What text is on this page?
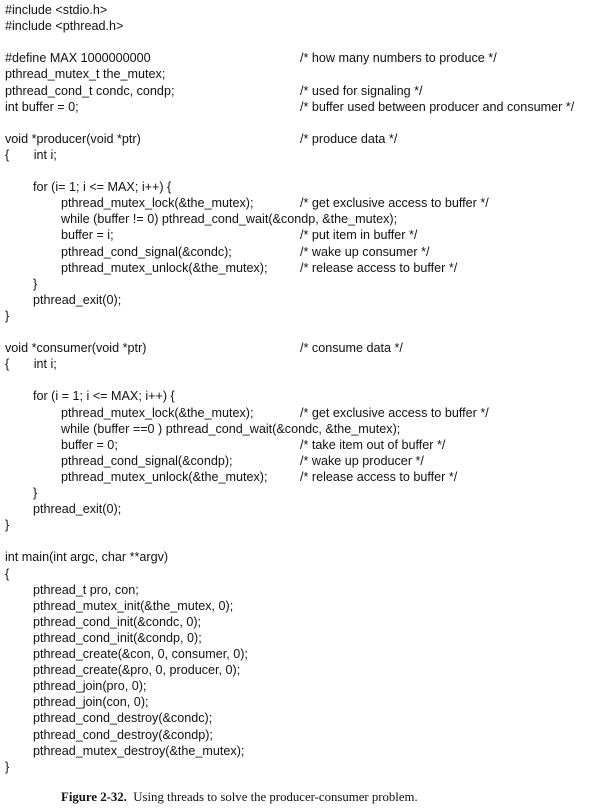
#include <stdio.h>
#include <pthread.h>
#define MAX 1000000000	/* how many numbers to produce */
pthread_mutex_t the_mutex;
pthread_cond_t condc, condp;	/* used for signaling */
int buffer = 0;	/* buffer used between producer and consumer */
void *producer(void *ptr)	/* produce data */
{       int i;
for (i= 1; i <= MAX; i++) {
pthread_mutex_lock(&the_mutex);	/* get exclusive access to buffer */
while (buffer != 0) pthread_cond_wait(&condp, &the_mutex);
buffer = i;	/* put item in buffer */
pthread_cond_signal(&condc);	/* wake up consumer */
pthread_mutex_unlock(&the_mutex);	/* release access to buffer */
}
pthread_exit(0);
}
void *consumer(void *ptr)	/* consume data */
{       int i;
for (i = 1; i <= MAX; i++) {
pthread_mutex_lock(&the_mutex);	/* get exclusive access to buffer */
while (buffer ==0 ) pthread_cond_wait(&condc, &the_mutex);
buffer = 0;	/* take item out of buffer */
pthread_cond_signal(&condp);	/* wake up producer */
pthread_mutex_unlock(&the_mutex);	/* release access to buffer */
}
pthread_exit(0);
}
int main(int argc, char **argv)
{
pthread_t pro, con;
pthread_mutex_init(&the_mutex, 0);
pthread_cond_init(&condc, 0);
pthread_cond_init(&condp, 0);
pthread_create(&con, 0, consumer, 0);
pthread_create(&pro, 0, producer, 0);
pthread_join(pro, 0);
pthread_join(con, 0);
pthread_cond_destroy(&condc);
pthread_cond_destroy(&condp);
pthread_mutex_destroy(&the_mutex);
}
Figure 2-32. Using threads to solve the producer-consumer problem.
